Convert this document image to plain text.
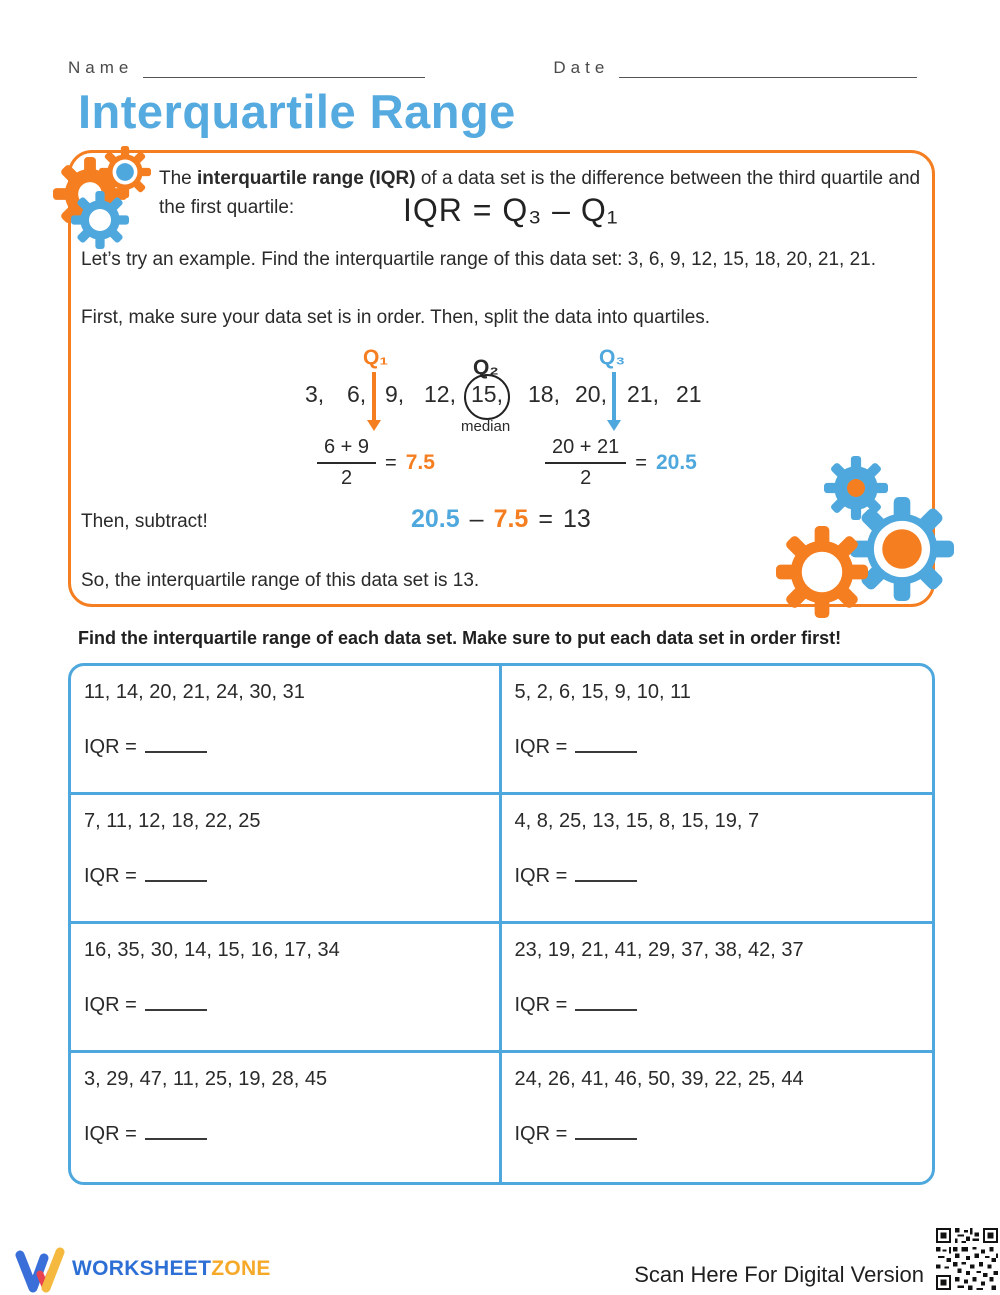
Name	Date
Interquartile Range

The interquartile range (IQR) of a data set is the difference between the third quartile and the first quartile:	IQR = Q₃ – Q₁

Let’s try an example. Find the interquartile range of this data set: 3, 6, 9, 12, 15, 18, 20, 21, 21.

First, make sure your data set is in order. Then, split the data into quartiles.

Q₁	Q₂	Q₃
3, 6, 9, 12, 15, 18, 20, 21, 21
median
$\frac{6 + 9}{2} = 7.5$	$\frac{20 + 21}{2} = 20.5$

Then, subtract!	20.5 – 7.5 = 13

So, the interquartile range of this data set is 13.

Find the interquartile range of each data set. Make sure to put each data set in order first!

11, 14, 20, 21, 24, 30, 31
IQR =
5, 2, 6, 15, 9, 10, 11
IQR =
7, 11, 12, 18, 22, 25
IQR =
4, 8, 25, 13, 15, 8, 15, 19, 7
IQR =
16, 35, 30, 14, 15, 16, 17, 34
IQR =
23, 19, 21, 41, 29, 37, 38, 42, 37
IQR =
3, 29, 47, 11, 25, 19, 28, 45
IQR =
24, 26, 41, 46, 50, 39, 22, 25, 44
IQR =
WORKSHEETZONE	Scan Here For Digital Version
